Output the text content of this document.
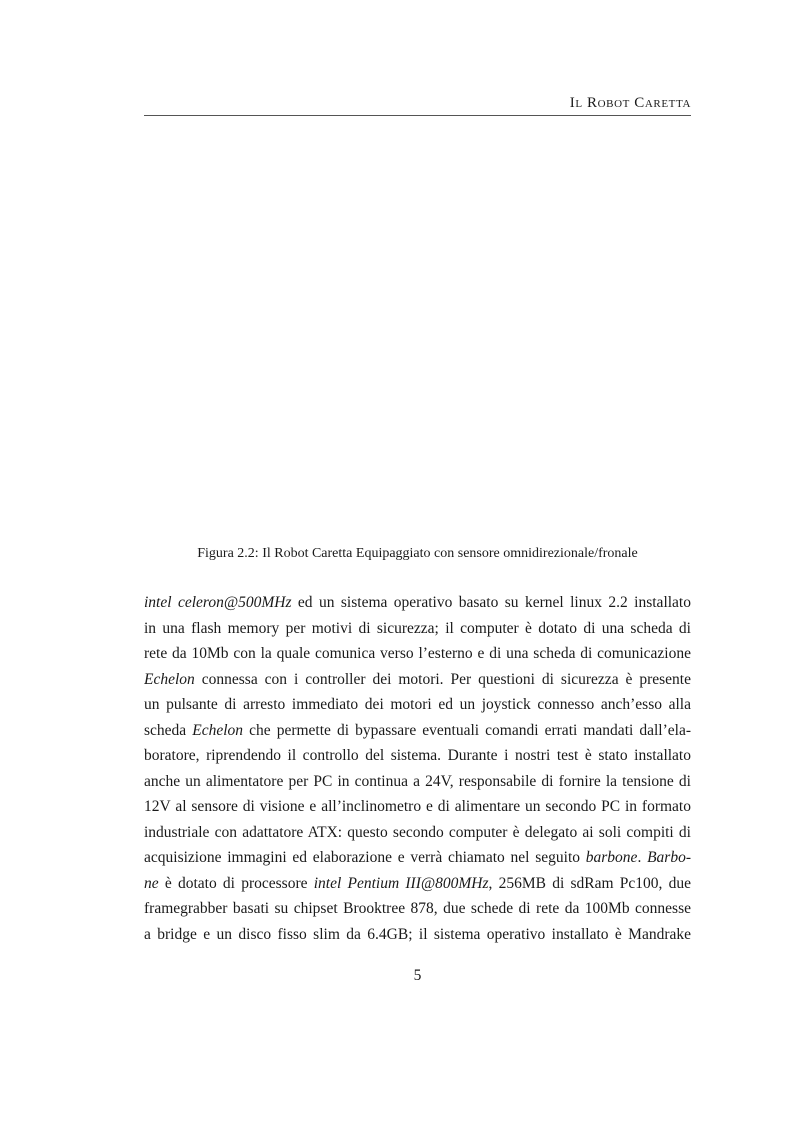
Il Robot Caretta
Figura 2.2: Il Robot Caretta Equipaggiato con sensore omnidirezionale/fronale
intel celeron@500MHz ed un sistema operativo basato su kernel linux 2.2 installato
in una flash memory per motivi di sicurezza; il computer è dotato di una scheda di
rete da 10Mb con la quale comunica verso l’esterno e di una scheda di comunicazione
Echelon connessa con i controller dei motori. Per questioni di sicurezza è presente
un pulsante di arresto immediato dei motori ed un joystick connesso anch’esso alla
scheda Echelon che permette di bypassare eventuali comandi errati mandati dall’ela-
boratore, riprendendo il controllo del sistema. Durante i nostri test è stato installato
anche un alimentatore per PC in continua a 24V, responsabile di fornire la tensione di
12V al sensore di visione e all’inclinometro e di alimentare un secondo PC in formato
industriale con adattatore ATX: questo secondo computer è delegato ai soli compiti di
acquisizione immagini ed elaborazione e verrà chiamato nel seguito barbone. Barbo-
ne è dotato di processore intel Pentium III@800MHz, 256MB di sdRam Pc100, due
framegrabber basati su chipset Brooktree 878, due schede di rete da 100Mb connesse
a bridge e un disco fisso slim da 6.4GB; il sistema operativo installato è Mandrake
5
